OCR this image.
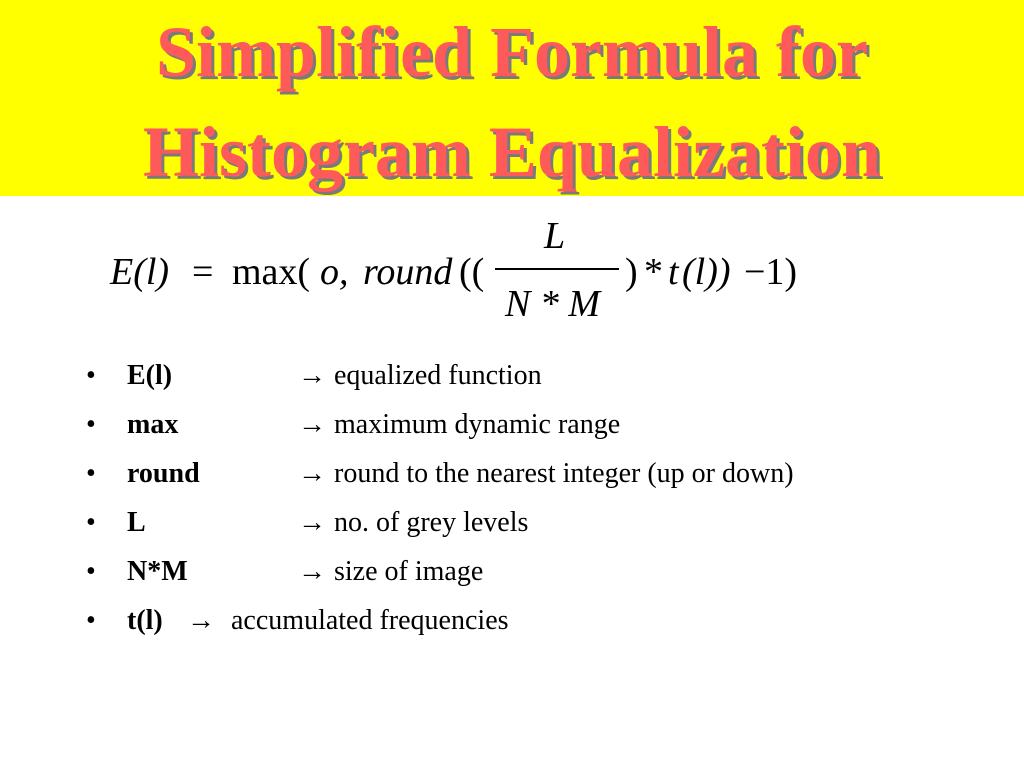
Simplified Formula for
Histogram Equalization
E(l) = max( o, round ((
L
N * M
) * t (l)) −1)
• E(l)	→ equalized function
• max	→ maximum dynamic range
• round	→ round to the nearest integer (up or down)
• L	→ no. of grey levels
• N*M	→ size of image
• t(l) → accumulated frequencies
